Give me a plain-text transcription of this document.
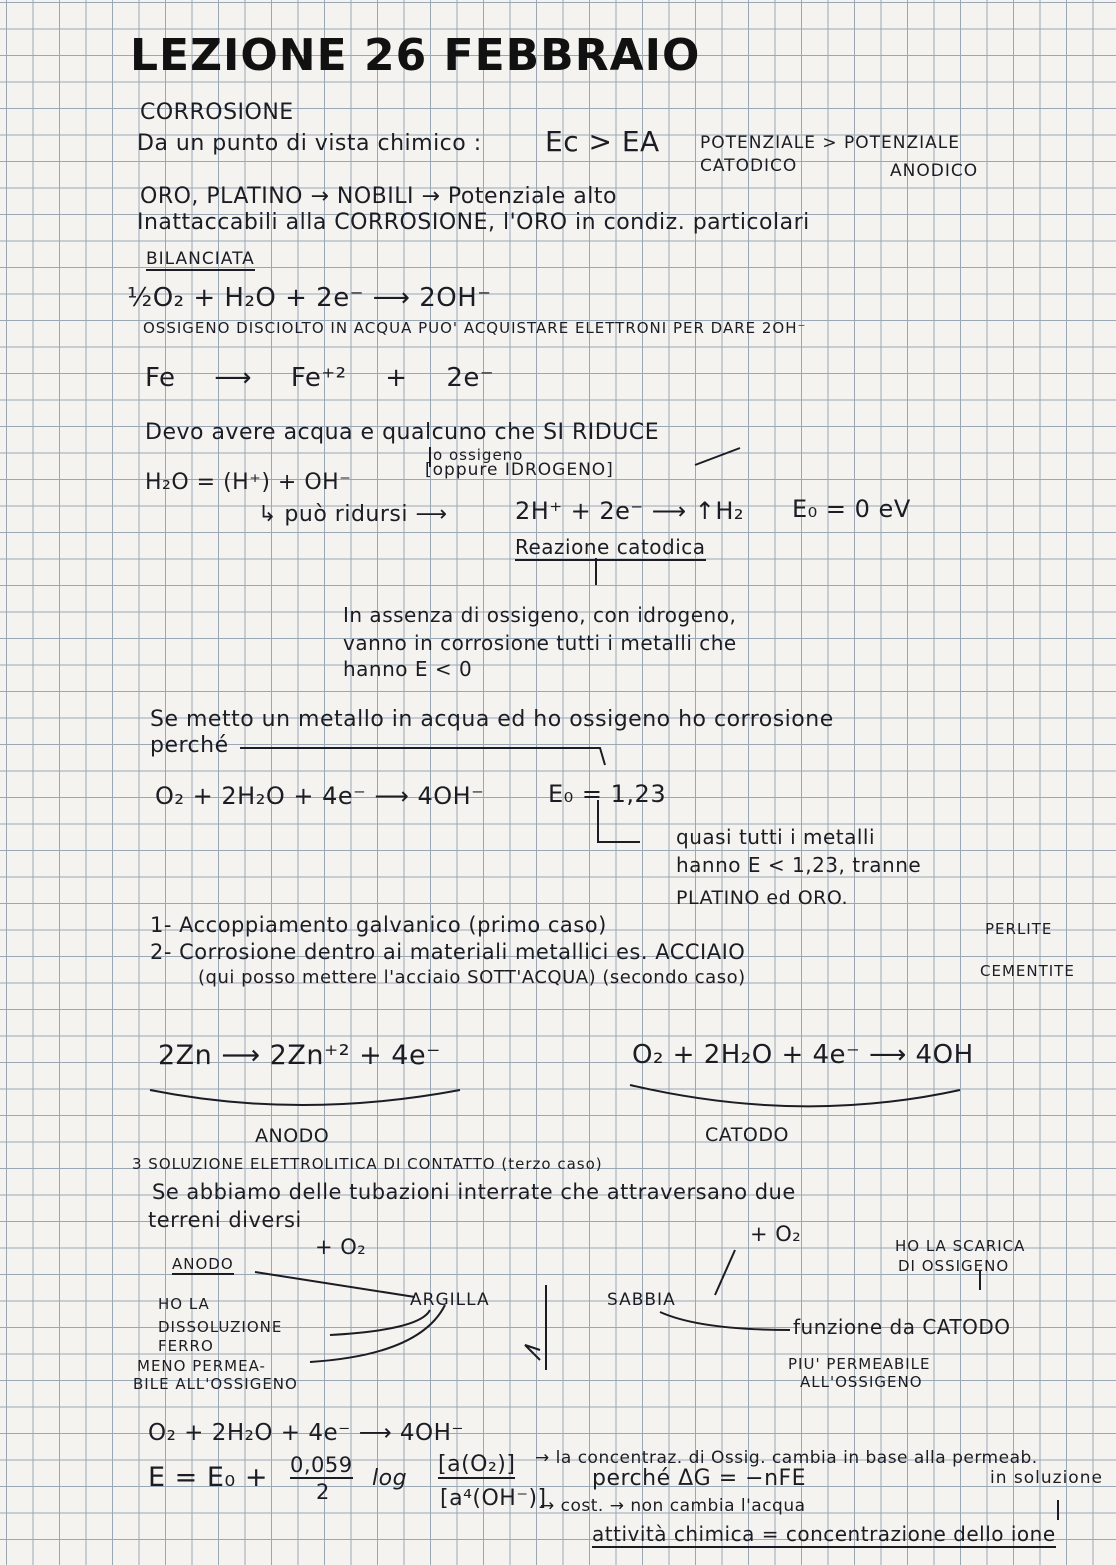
LEZIONE 26 FEBBRAIO
CORROSIONE
Da un punto di vista chimico : Ec > EA POTENZIALE > POTENZIALE
CATODICO	ANODICO
ORO, PLATINO → NOBILI → Potenziale alto
Inattaccabili alla CORROSIONE, l'ORO in condiz. particolari
BILANCIATA
½O₂ + H₂O + 2e⁻ ⟶ 2OH⁻
OSSIGENO DISCIOLTO IN ACQUA PUO' ACQUISTARE ELETTRONI PER DARE 2OH⁻
Fe ⟶ Fe⁺² + 2e⁻
Devo avere acqua e qualcuno che SI RIDUCE
o ossigeno
[oppure IDROGENO]
H₂O = (H⁺) + OH⁻
↳ può ridursi ⟶	2H⁺ + 2e⁻ ⟶ ↑H₂ E₀ = 0 eV
Reazione catodica
In assenza di ossigeno, con idrogeno,
vanno in corrosione tutti i metalli che
hanno E < 0
Se metto un metallo in acqua ed ho ossigeno ho corrosione
perché
O₂ + 2H₂O + 4e⁻ ⟶ 4OH⁻	E₀ = 1,23
quasi tutti i metalli
hanno E < 1,23, tranne
PLATINO ed ORO.
1- Accoppiamento galvanico (primo caso)
2- Corrosione dentro ai materiali metallici es. ACCIAIO
(qui posso mettere l'acciaio SOTT'ACQUA) (secondo caso)
PERLITE
CEMENTITE
2Zn ⟶ 2Zn⁺² + 4e⁻	O₂ + 2H₂O + 4e⁻ ⟶ 4OH
ANODO	CATODO
3 SOLUZIONE ELETTROLITICA DI CONTATTO (terzo caso)
Se abbiamo delle tubazioni interrate che attraversano due
terreni diversi
+ O₂
+ O₂
ANODO
ARGILLA	SABBIA
HO LA
DISSOLUZIONE
FERRO
MENO PERMEA-
BILE ALL'OSSIGENO
HO LA SCARICA
DI OSSIGENO
funzione da CATODO
PIU' PERMEABILE
ALL'OSSIGENO
O₂ + 2H₂O + 4e⁻ ⟶ 4OH⁻
E = E₀ + 0,059
2
log
[a(O₂)]
[a⁴(OH⁻)]
→ la concentraz. di Ossig. cambia in base alla permeab.
in soluzione
perché ΔG = −nFE
→ cost. → non cambia l'acqua
attività chimica = concentrazione dello ione
